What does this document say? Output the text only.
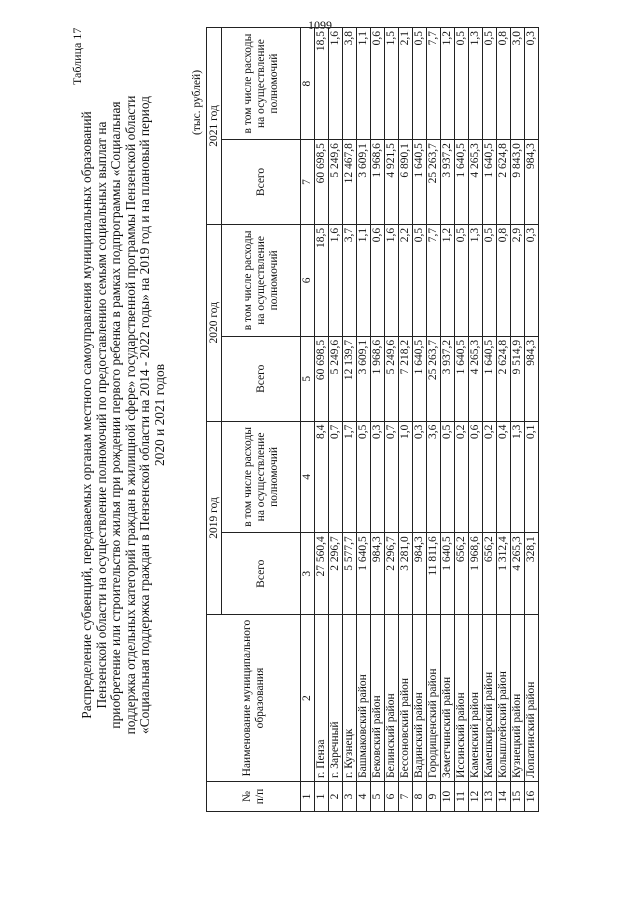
1099
Таблица 17
Распределение субвенций, передаваемых органам местного самоуправления муниципальных образований Пензенской области на осуществление полномочий по предоставлению семьям социальных выплат на приобретение или строительство жилья при рождении первого ребенка в рамках подпрограммы «Социальная поддержка отдельных категорий граждан в жилищной сфере» государственной программы Пензенской области «Социальная поддержка граждан в Пензенской области на 2014 - 2022 годы» на 2019 год и на плановый период 2020 и 2021 годов
(тыс. рублей)
№ п/п	Наименование муниципального образования	2019 год		2020 год		2021 год	
		Всего	в том числе расходы на осуществление полномочий	Всего	в том числе расходы на осуществление полномочий	Всего	в том числе расходы на осуществление полномочий
1	2	3	4	5	6	7	8
1	г. Пенза	27 560,4	8,4	60 698,5	18,5	60 698,5	18,5
2	г. Заречный	2 296,7	0,7	5 249,6	1,6	5 249,6	1,6
3	г. Кузнецк	5 577,7	1,7	12 139,7	3,7	12 467,8	3,8
4	Башмаковский район	1 640,5	0,5	3 609,1	1,1	3 609,1	1,1
5	Бековский район	984,3	0,3	1 968,6	0,6	1 968,6	0,6
6	Белинский район	2 296,7	0,7	5 249,6	1,6	4 921,5	1,5
7	Бессоновский район	3 281,0	1,0	7 218,2	2,2	6 890,1	2,1
8	Вадинский район	984,3	0,3	1 640,5	0,5	1 640,5	0,5
9	Городищенский район	11 811,6	3,6	25 263,7	7,7	25 263,7	7,7
10	Земетчинский район	1 640,5	0,5	3 937,2	1,2	3 937,2	1,2
11	Иссинский район	656,2	0,2	1 640,5	0,5	1 640,5	0,5
12	Каменский район	1 968,6	0,6	4 265,3	1,3	4 265,3	1,3
13	Камешкирский район	656,2	0,2	1 640,5	0,5	1 640,5	0,5
14	Колышлейский район	1 312,4	0,4	2 624,8	0,8	2 624,8	0,8
15	Кузнецкий район	4 265,3	1,3	9 514,9	2,9	9 843,0	3,0
16	Лопатинский район	328,1	0,1	984,3	0,3	984,3	0,3
